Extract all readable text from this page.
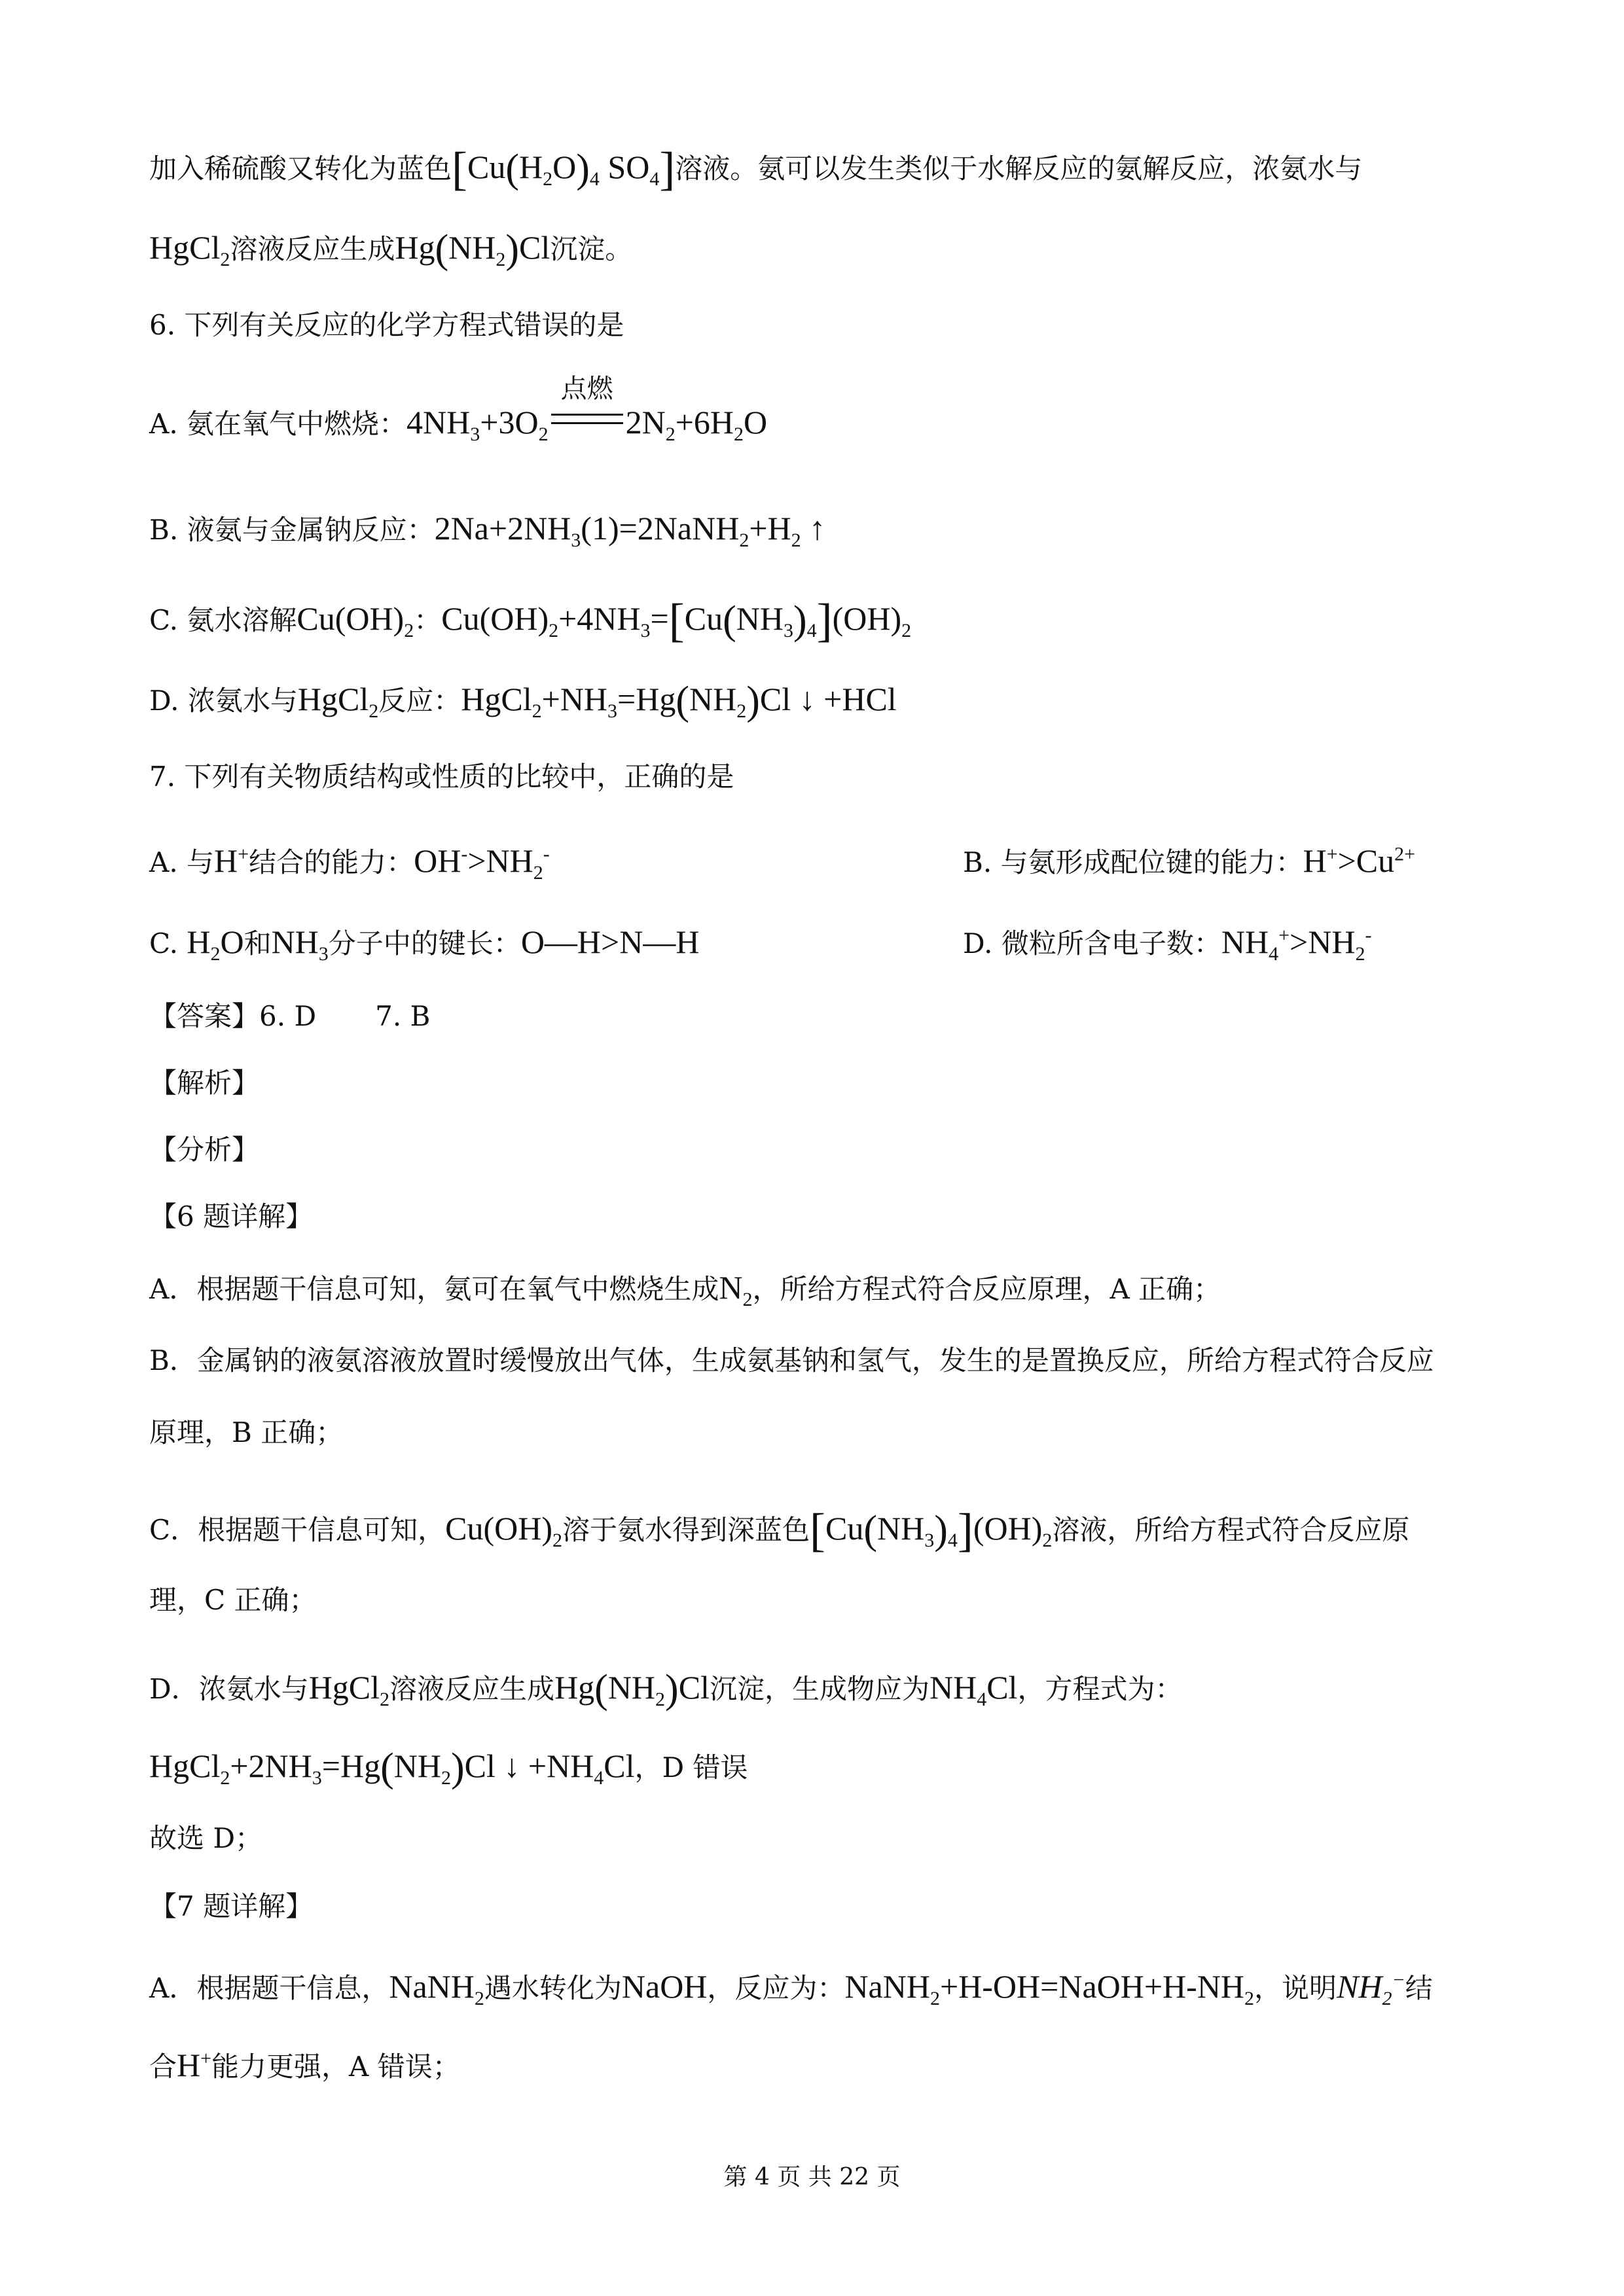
加入稀硫酸又转化为蓝色[$Cu(H_2O)_4$ $SO_4$]溶液。氨可以发生类似于水解反应的氨解反应，浓氨水与
HgCl$_2$溶液反应生成$Hg(NH_2)Cl$沉淀。
6. 下列有关反应的化学方程式错误的是
A. 氨在氧气中燃烧：$4NH_3+3O_2$
点燃
$2N_2+6H_2O$
B. 液氨与金属钠反应：$2Na+2NH_3(1)=2NaNH_2+H_2$ ↑
C. 氨水溶解$Cu(OH)_2$：$Cu(OH)_2+4NH_3=[Cu(NH_3)_4](OH)_2$
D. 浓氨水与HgCl$_2$反应：$HgCl_2+NH_3=Hg(NH_2)Cl$ ↓ +HCl
7. 下列有关物质结构或性质的比较中，正确的是
A. 与H+结合的能力：$OH^->NH_2^-$	B. 与氨形成配位键的能力：$H^+>Cu^{2+}$
C. $H_2O$和$NH_3$分子中的键长：O—H>N—H	D. 微粒所含电子数：$NH_4^+>NH_2^-$
【答案】6. D 7. B
【解析】
【分析】
【6 题详解】
A．根据题干信息可知，氨可在氧气中燃烧生成$N_2$，所给方程式符合反应原理，A 正确；
B．金属钠的液氨溶液放置时缓慢放出气体，生成氨基钠和氢气，发生的是置换反应，所给方程式符合反应
原理，B 正确；
C．根据题干信息可知，$Cu(OH)_2$溶于氨水得到深蓝色$[Cu(NH_3)_4](OH)_2$溶液，所给方程式符合反应原
理，C 正确；
D．浓氨水与HgCl$_2$溶液反应生成$Hg(NH_2)Cl$沉淀，生成物应为$NH_4Cl$，方程式为：
$HgCl_2+2NH_3=Hg(NH_2)Cl$ ↓ $+NH_4Cl$，D 错误
故选 D；
【7 题详解】
A．根据题干信息，NaNH$_2$遇水转化为NaOH，反应为：$NaNH_2+H-OH=NaOH+H-NH_2$，说明$NH_2^-$结
合H+能力更强，A 错误；
第 4 页 共 22 页
